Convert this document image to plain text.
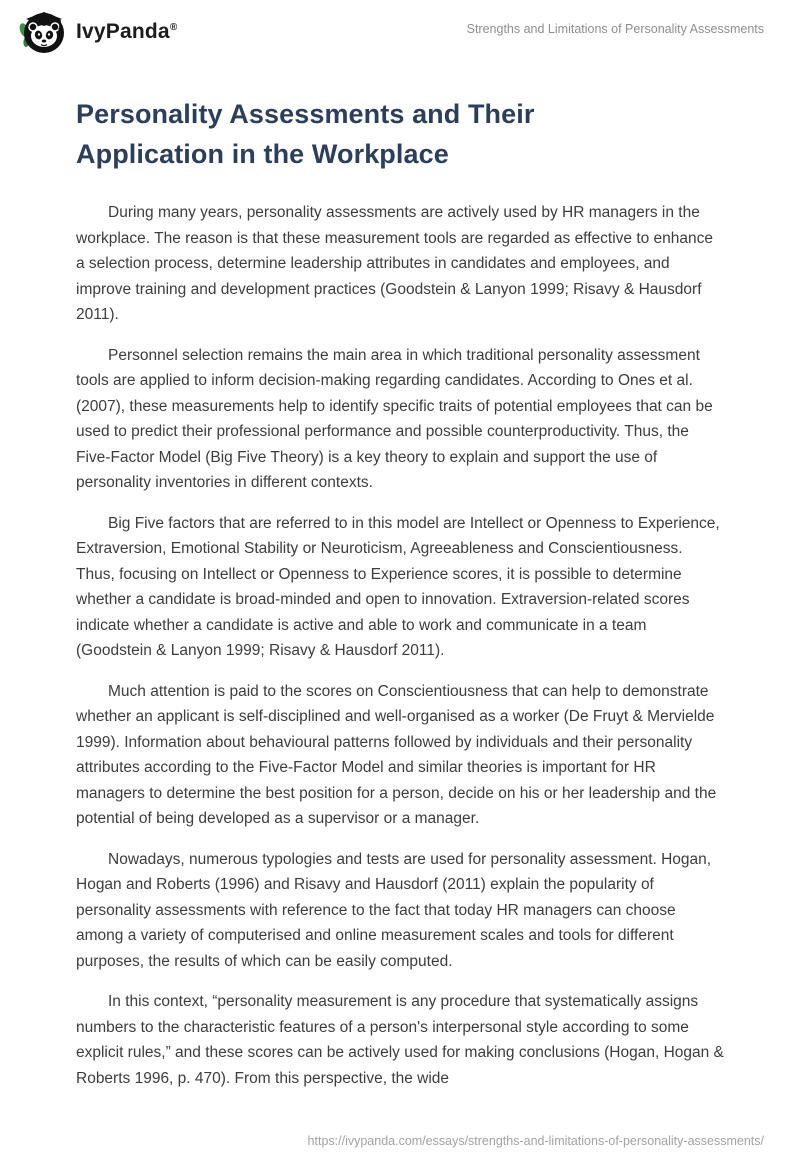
IvyPanda®	Strengths and Limitations of Personality Assessments
Personality Assessments and Their Application in the Workplace

During many years, personality assessments are actively used by HR managers in the workplace. The reason is that these measurement tools are regarded as effective to enhance a selection process, determine leadership attributes in candidates and employees, and improve training and development practices (Goodstein & Lanyon 1999; Risavy & Hausdorf 2011).

Personnel selection remains the main area in which traditional personality assessment tools are applied to inform decision-making regarding candidates. According to Ones et al. (2007), these measurements help to identify specific traits of potential employees that can be used to predict their professional performance and possible counterproductivity. Thus, the Five-Factor Model (Big Five Theory) is a key theory to explain and support the use of personality inventories in different contexts.

Big Five factors that are referred to in this model are Intellect or Openness to Experience, Extraversion, Emotional Stability or Neuroticism, Agreeableness and Conscientiousness. Thus, focusing on Intellect or Openness to Experience scores, it is possible to determine whether a candidate is broad-minded and open to innovation. Extraversion-related scores indicate whether a candidate is active and able to work and communicate in a team (Goodstein & Lanyon 1999; Risavy & Hausdorf 2011).

Much attention is paid to the scores on Conscientiousness that can help to demonstrate whether an applicant is self-disciplined and well-organised as a worker (De Fruyt & Mervielde 1999). Information about behavioural patterns followed by individuals and their personality attributes according to the Five-Factor Model and similar theories is important for HR managers to determine the best position for a person, decide on his or her leadership and the potential of being developed as a supervisor or a manager.

Nowadays, numerous typologies and tests are used for personality assessment. Hogan, Hogan and Roberts (1996) and Risavy and Hausdorf (2011) explain the popularity of personality assessments with reference to the fact that today HR managers can choose among a variety of computerised and online measurement scales and tools for different purposes, the results of which can be easily computed.

In this context, “personality measurement is any procedure that systematically assigns numbers to the characteristic features of a person's interpersonal style according to some explicit rules,” and these scores can be actively used for making conclusions (Hogan, Hogan & Roberts 1996, p. 470). From this perspective, the wide

https://ivypanda.com/essays/strengths-and-limitations-of-personality-assessments/
